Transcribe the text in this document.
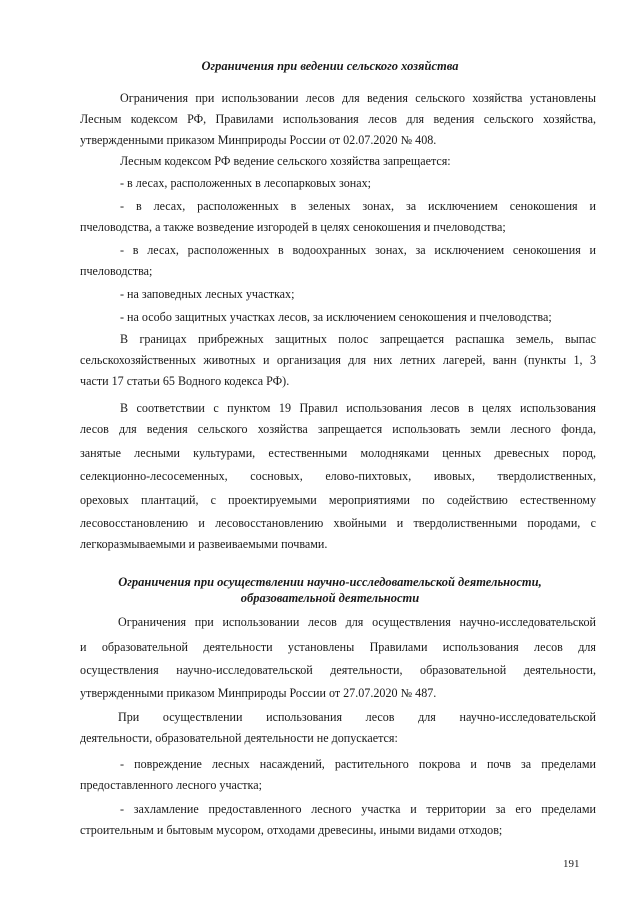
Ограничения при ведении сельского хозяйства
Ограничения при использовании лесов для ведения сельского хозяйства установлены
Лесным кодексом РФ, Правилами использования лесов для ведения сельского хозяйства,
утвержденными приказом Минприроды России от 02.07.2020 № 408.
Лесным кодексом РФ ведение сельского хозяйства запрещается:
- в лесах, расположенных в лесопарковых зонах;
- в лесах, расположенных в зеленых зонах, за исключением сенокошения и
пчеловодства, а также возведение изгородей в целях сенокошения и пчеловодства;
- в лесах, расположенных в водоохранных зонах, за исключением сенокошения и
пчеловодства;
- на заповедных лесных участках;
- на особо защитных участках лесов, за исключением сенокошения и пчеловодства;
В границах прибрежных защитных полос запрещается распашка земель, выпас
сельскохозяйственных животных и организация для них летних лагерей, ванн (пункты 1, 3
части 17 статьи 65 Водного кодекса РФ).
В соответствии с пунктом 19 Правил использования лесов в целях использования
лесов для ведения сельского хозяйства запрещается использовать земли лесного фонда,
занятые лесными культурами, естественными молодняками ценных древесных пород,
селекционно-лесосеменных, сосновых, елово-пихтовых, ивовых, твердолиственных,
ореховых плантаций, с проектируемыми мероприятиями по содействию естественному
лесовосстановлению и лесовосстановлению хвойными и твердолиственными породами, с
легкоразмываемыми и развеиваемыми почвами.
Ограничения при осуществлении научно-исследовательской деятельности,
образовательной деятельности
Ограничения при использовании лесов для осуществления научно-исследовательской
и образовательной деятельности установлены Правилами использования лесов для
осуществления научно-исследовательской деятельности, образовательной деятельности,
утвержденными приказом Минприроды России от 27.07.2020 № 487.
При осуществлении использования лесов для научно-исследовательской
деятельности, образовательной деятельности не допускается:
- повреждение лесных насаждений, растительного покрова и почв за пределами
предоставленного лесного участка;
- захламление предоставленного лесного участка и территории за его пределами
строительным и бытовым мусором, отходами древесины, иными видами отходов;
191
